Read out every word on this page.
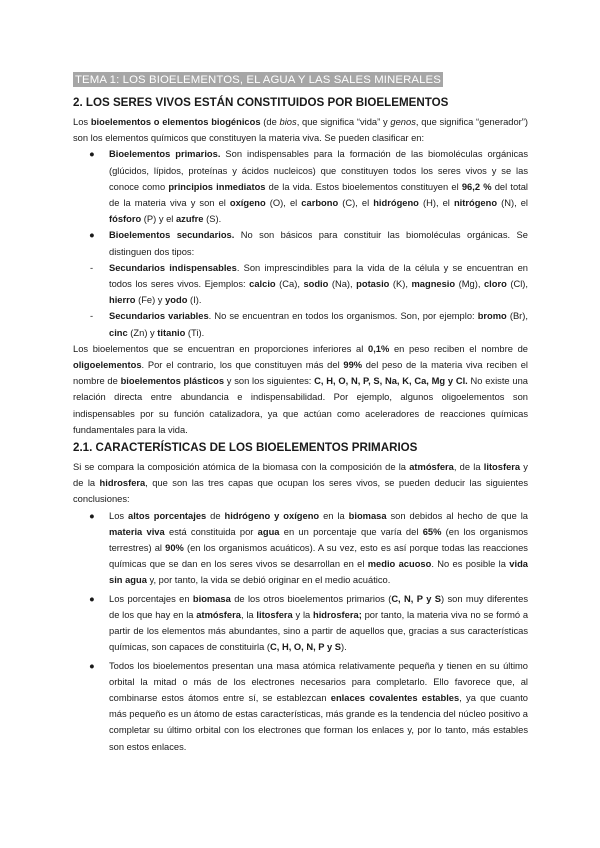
TEMA 1: LOS BIOELEMENTOS, EL AGUA Y LAS SALES MINERALES
2. LOS SERES VIVOS ESTÁN CONSTITUIDOS POR BIOELEMENTOS

Los bioelementos o elementos biogénicos (de bios, que significa “vida” y genos, que significa “generador”) son los elementos químicos que constituyen la materia viva. Se pueden clasificar en:

● Bioelementos primarios. Son indispensables para la formación de las biomoléculas orgánicas (glúcidos, lípidos, proteínas y ácidos nucleicos) que constituyen todos los seres vivos y se las conoce como principios inmediatos de la vida. Estos bioelementos constituyen el 96,2 % del total de la materia viva y son el oxígeno (O), el carbono (C), el hidrógeno (H), el nitrógeno (N), el fósforo (P) y el azufre (S).
● Bioelementos secundarios. No son básicos para constituir las biomoléculas orgánicas. Se distinguen dos tipos:
- Secundarios indispensables. Son imprescindibles para la vida de la célula y se encuentran en todos los seres vivos. Ejemplos: calcio (Ca), sodio (Na), potasio (K), magnesio (Mg), cloro (Cl), hierro (Fe) y yodo (I).
- Secundarios variables. No se encuentran en todos los organismos. Son, por ejemplo: bromo (Br), cinc (Zn) y titanio (Ti).

Los bioelementos que se encuentran en proporciones inferiores al 0,1% en peso reciben el nombre de oligoelementos. Por el contrario, los que constituyen más del 99% del peso de la materia viva reciben el nombre de bioelementos plásticos y son los siguientes: C, H, O, N, P, S, Na, K, Ca, Mg y Cl. No existe una relación directa entre abundancia e indispensabilidad. Por ejemplo, algunos oligoelementos son indispensables por su función catalizadora, ya que actúan como aceleradores de reacciones químicas fundamentales para la vida.

2.1. CARACTERÍSTICAS DE LOS BIOELEMENTOS PRIMARIOS

Si se compara la composición atómica de la biomasa con la composición de la atmósfera, de la litosfera y de la hidrosfera, que son las tres capas que ocupan los seres vivos, se pueden deducir las siguientes conclusiones:

● Los altos porcentajes de hidrógeno y oxígeno en la biomasa son debidos al hecho de que la materia viva está constituida por agua en un porcentaje que varía del 65% (en los organismos terrestres) al 90% (en los organismos acuáticos). A su vez, esto es así porque todas las reacciones químicas que se dan en los seres vivos se desarrollan en el medio acuoso. No es posible la vida sin agua y, por tanto, la vida se debió originar en el medio acuático.
● Los porcentajes en biomasa de los otros bioelementos primarios (C, N, P y S) son muy diferentes de los que hay en la atmósfera, la litosfera y la hidrosfera; por tanto, la materia viva no se formó a partir de los elementos más abundantes, sino a partir de aquellos que, gracias a sus características químicas, son capaces de constituirla (C, H, O, N, P y S).
● Todos los bioelementos presentan una masa atómica relativamente pequeña y tienen en su último orbital la mitad o más de los electrones necesarios para completarlo. Ello favorece que, al combinarse estos átomos entre sí, se establezcan enlaces covalentes estables, ya que cuanto más pequeño es un átomo de estas características, más grande es la tendencia del núcleo positivo a completar su último orbital con los electrones que forman los enlaces y, por lo tanto, más estables son estos enlaces.
